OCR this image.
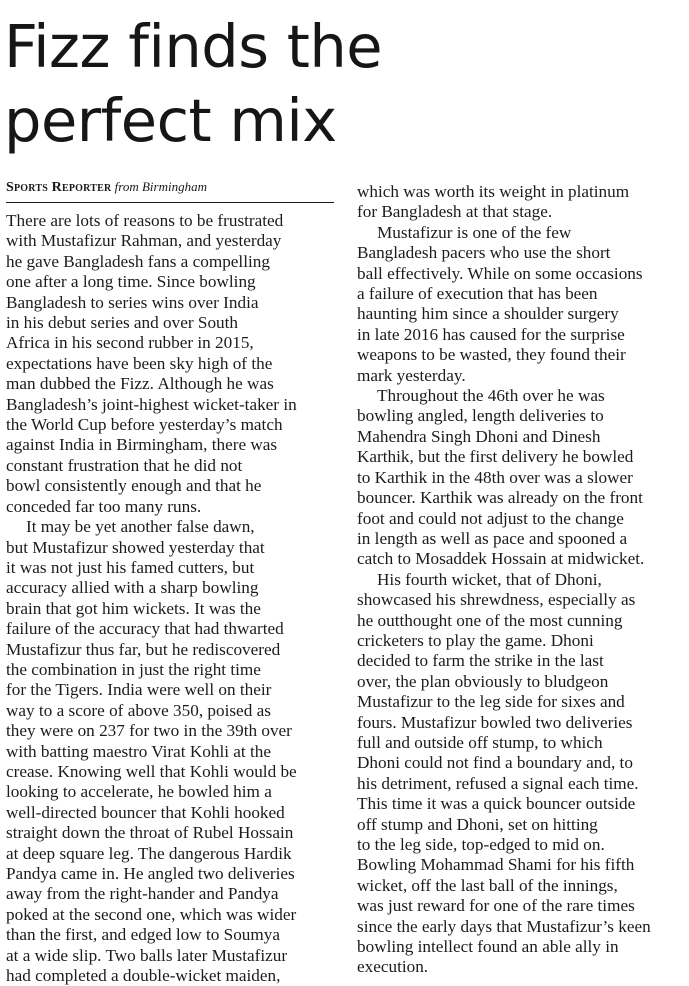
Fizz finds the
perfect mix
Sports Reporter from Birmingham
There are lots of reasons to be frustrated
with Mustafizur Rahman, and yesterday
he gave Bangladesh fans a compelling
one after a long time. Since bowling
Bangladesh to series wins over India
in his debut series and over South
Africa in his second rubber in 2015,
expectations have been sky high of the
man dubbed the Fizz. Although he was
Bangladesh’s joint-highest wicket-taker in
the World Cup before yesterday’s match
against India in Birmingham, there was
constant frustration that he did not
bowl consistently enough and that he
conceded far too many runs.
It may be yet another false dawn,
but Mustafizur showed yesterday that
it was not just his famed cutters, but
accuracy allied with a sharp bowling
brain that got him wickets. It was the
failure of the accuracy that had thwarted
Mustafizur thus far, but he rediscovered
the combination in just the right time
for the Tigers. India were well on their
way to a score of above 350, poised as
they were on 237 for two in the 39th over
with batting maestro Virat Kohli at the
crease. Knowing well that Kohli would be
looking to accelerate, he bowled him a
well-directed bouncer that Kohli hooked
straight down the throat of Rubel Hossain
at deep square leg. The dangerous Hardik
Pandya came in. He angled two deliveries
away from the right-hander and Pandya
poked at the second one, which was wider
than the first, and edged low to Soumya
at a wide slip. Two balls later Mustafizur
had completed a double-wicket maiden,
which was worth its weight in platinum
for Bangladesh at that stage.
Mustafizur is one of the few
Bangladesh pacers who use the short
ball effectively. While on some occasions
a failure of execution that has been
haunting him since a shoulder surgery
in late 2016 has caused for the surprise
weapons to be wasted, they found their
mark yesterday.
Throughout the 46th over he was
bowling angled, length deliveries to
Mahendra Singh Dhoni and Dinesh
Karthik, but the first delivery he bowled
to Karthik in the 48th over was a slower
bouncer. Karthik was already on the front
foot and could not adjust to the change
in length as well as pace and spooned a
catch to Mosaddek Hossain at midwicket.
His fourth wicket, that of Dhoni,
showcased his shrewdness, especially as
he outthought one of the most cunning
cricketers to play the game. Dhoni
decided to farm the strike in the last
over, the plan obviously to bludgeon
Mustafizur to the leg side for sixes and
fours. Mustafizur bowled two deliveries
full and outside off stump, to which
Dhoni could not find a boundary and, to
his detriment, refused a signal each time.
This time it was a quick bouncer outside
off stump and Dhoni, set on hitting
to the leg side, top-edged to mid on.
Bowling Mohammad Shami for his fifth
wicket, off the last ball of the innings,
was just reward for one of the rare times
since the early days that Mustafizur’s keen
bowling intellect found an able ally in
execution.
